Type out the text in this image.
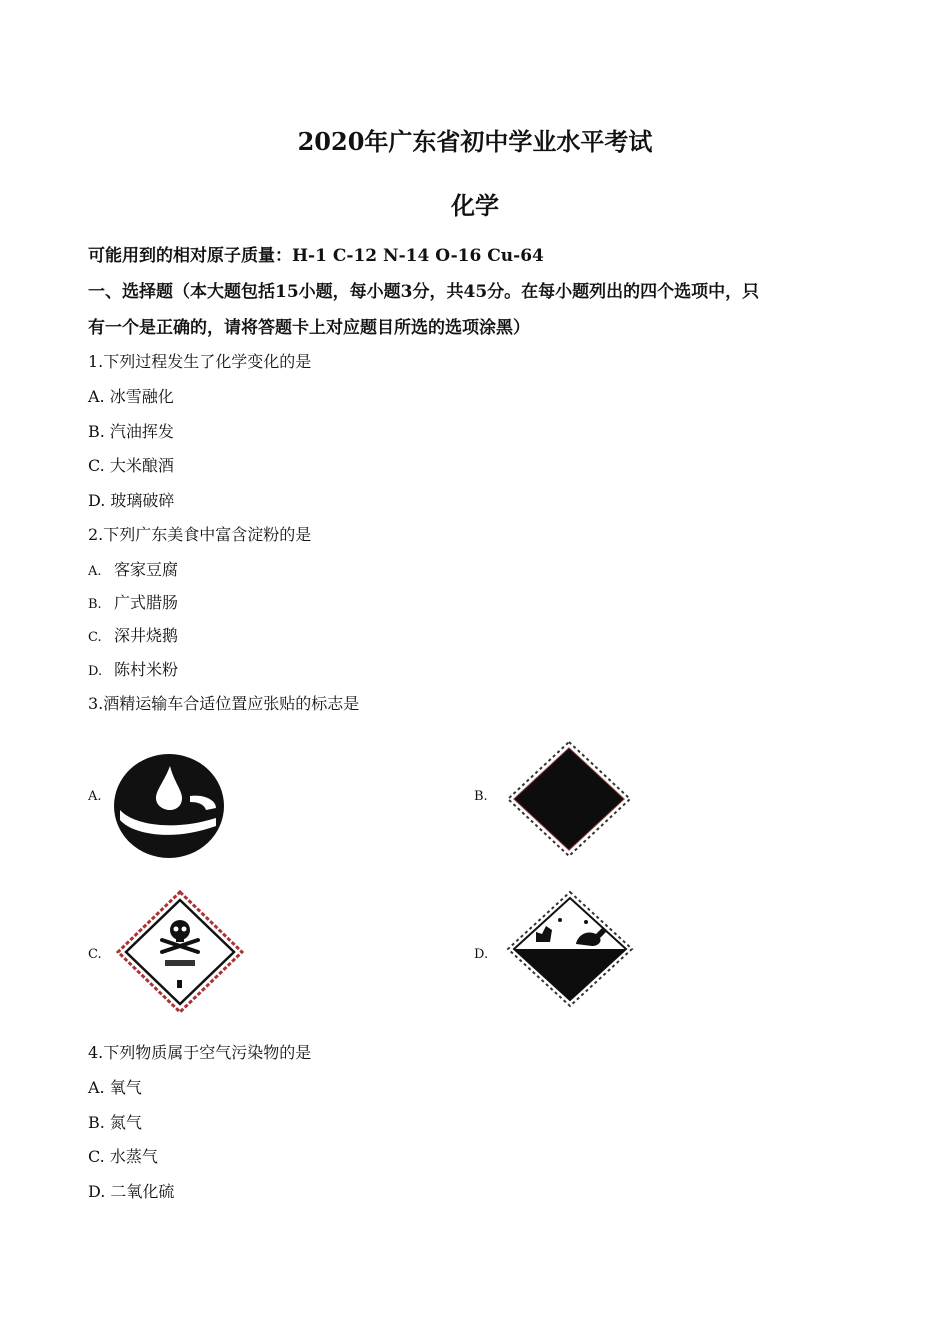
2020年广东省初中学业水平考试
化学
可能用到的相对原子质量：H-1 C-12 N-14 O-16 Cu-64
一、选择题（本大题包括15小题，每小题3分，共45分。在每小题列出的四个选项中，只
有一个是正确的，请将答题卡上对应题目所选的选项涂黑）
1.下列过程发生了化学变化的是
A. 冰雪融化
B. 汽油挥发
C. 大米酿酒
D. 玻璃破碎
2.下列广东美食中富含淀粉的是
A. 客家豆腐
B. 广式腊肠
C. 深井烧鹅
D. 陈村米粉
3.酒精运输车合适位置应张贴的标志是
A.	B.
C.	D.
4.下列物质属于空气污染物的是
A. 氧气
B. 氮气
C. 水蒸气
D. 二氧化硫
